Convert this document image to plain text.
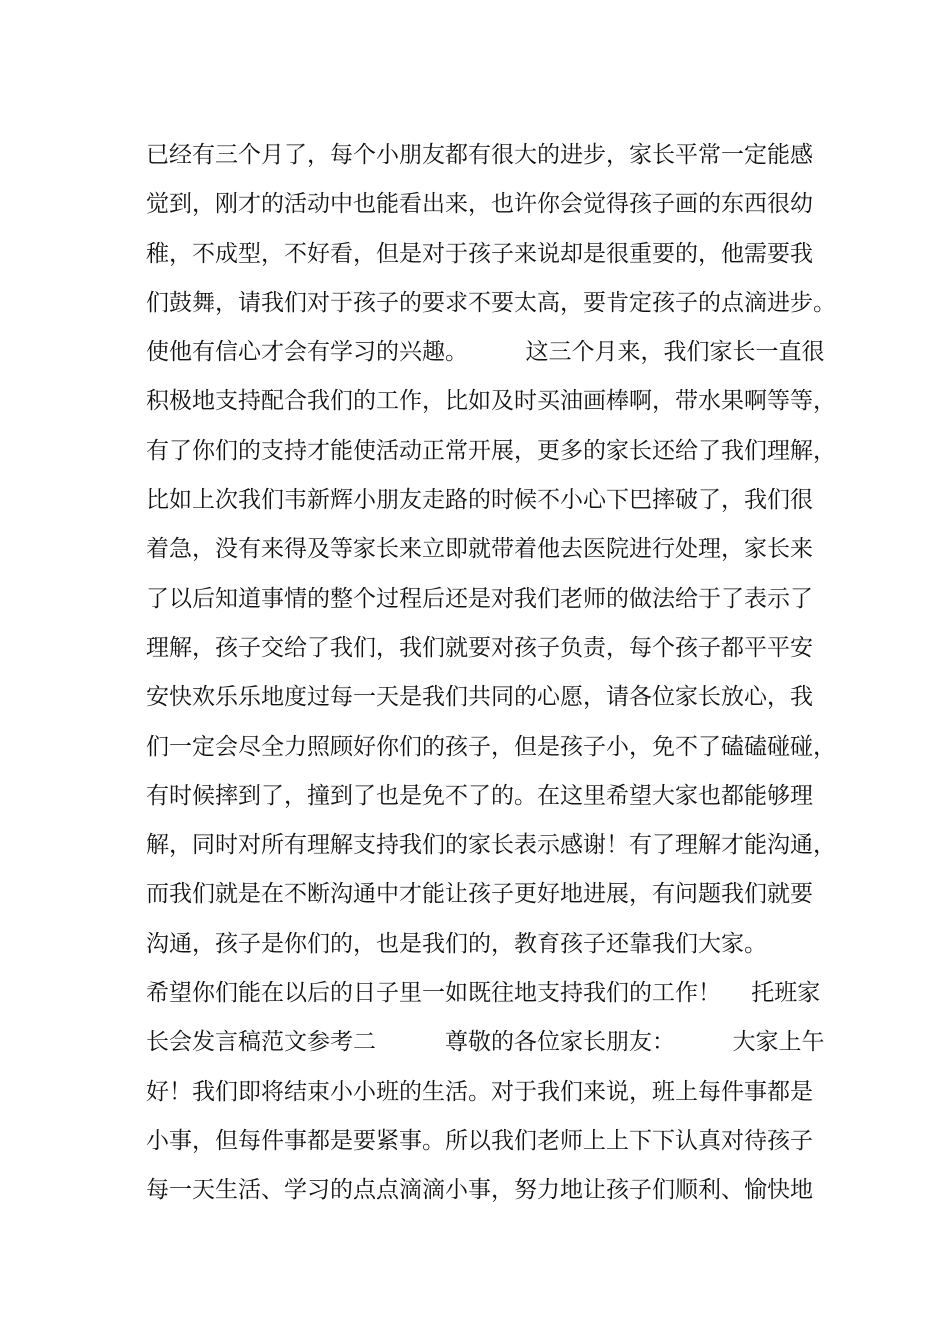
已经有三个月了，每个小朋友都有很大的进步，家长平常一定能感
觉到，刚才的活动中也能看出来，也许你会觉得孩子画的东西很幼
稚，不成型，不好看，但是对于孩子来说却是很重要的，他需要我
们鼓舞，请我们对于孩子的要求不要太高，要肯定孩子的点滴进步。
使他有信心才会有学习的兴趣。　　　这三个月来，我们家长一直很
积极地支持配合我们的工作，比如及时买油画棒啊，带水果啊等等，
有了你们的支持才能使活动正常开展，更多的家长还给了我们理解，
比如上次我们韦新辉小朋友走路的时候不小心下巴摔破了，我们很
着急，没有来得及等家长来立即就带着他去医院进行处理，家长来
了以后知道事情的整个过程后还是对我们老师的做法给于了表示了
理解，孩子交给了我们，我们就要对孩子负责，每个孩子都平平安
安快欢乐乐地度过每一天是我们共同的心愿，请各位家长放心，我
们一定会尽全力照顾好你们的孩子，但是孩子小，免不了磕磕碰碰，
有时候摔到了，撞到了也是免不了的。在这里希望大家也都能够理
解，同时对所有理解支持我们的家长表示感谢！有了理解才能沟通，
而我们就是在不断沟通中才能让孩子更好地进展，有问题我们就要
沟通，孩子是你们的，也是我们的，教育孩子还靠我们大家。
希望你们能在以后的日子里一如既往地支持我们的工作！　 托班家
长会发言稿范文参考二　　　尊敬的各位家长朋友：　　　大家上午
好！我们即将结束小小班的生活。对于我们来说，班上每件事都是
小事，但每件事都是要紧事。所以我们老师上上下下认真对待孩子
每一天生活、学习的点点滴滴小事，努力地让孩子们顺利、愉快地
